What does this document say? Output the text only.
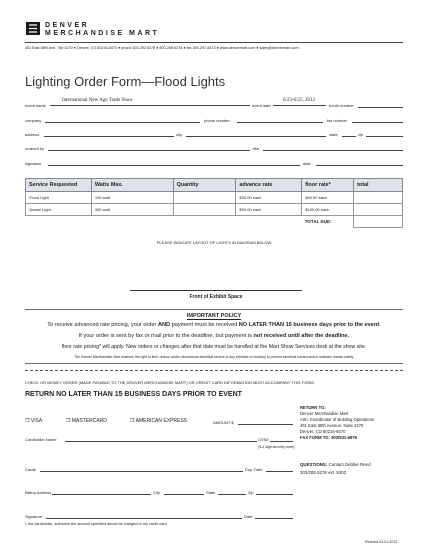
DENVER
MERCHANDISE MART
451 East 58th Ave., Ste 4270 ● Denver, CO 80216-8470 ● phone 303.292.6278 ● 800-289-6278 ● fax 303-297-8473 ● www.denvermart.com ● sales@denvermart.com
Lighting Order Form—Flood Lights
event name
International New Age Trade Show
event date
6/23-6/25, 2012
booth number
company	phone number	fax number
address	city	state	zip
ordered by	title
signature	date
Service Requested	Watts Max.	Quantity	advance rate	floor rate*	total
Flood Light	150 watt		$30.00 each	$40.00 each	
Quartz Light	300 watt		$90.00 each	$100.00 each	
				TOTAL DUE:	
PLEASE INDICATE LAYOUT OF LIGHTS IN DIAGRAM BELOW
Front of Exhibit Space
IMPORTANT POLICY
To receive advanced rate pricing, your order AND payment must be received NO LATER THAN 15 business days prior to the event.
If your order is sent by fax or mail prior to the deadline, but payment is not received until after the deadline,
floor rate pricing* will apply. New orders or changes after that date must be handled at the Mart Show Services desk at the show site.
The Denver Merchandise Mart reserves the right to limit, reduce and/or discontinue electrical service to any exhibitor or booth(s) to prevent electrical hazard and/or maintain human safety.
CHECK OR MONEY ORDER (MADE PAYABLE TO THE DENVER MERCHANDISE MART) OR CREDIT CARD INFORMATION MUST ACCOMPANY THIS FORM.
RETURN NO LATER THAN 15 BUSINESS DAYS PRIOR TO EVENT
❐ VISA	❐ MASTERCARD	❐ AMERICAN EXPRESS	AMOUNT $
Cardholder Name	CVS#
(3-4 digit security code)
Card#	Exp. Date
Billing Address	City	State	Zip
Signature	Date
I, the cardholder, authorize the amount specified above be charged to my credit card.
RETURN TO:
Denver Merchandise Mart
Attn: Coordinator of Building Operations
451 East 58th Avenue, Suite 4270
Denver, CO 80216-8470
FAX FORM TO: 303/531-6976
QUESTIONS: Contact Debbie Reed
303/292.6278 ext. 5202
Revised 03-01-2012
